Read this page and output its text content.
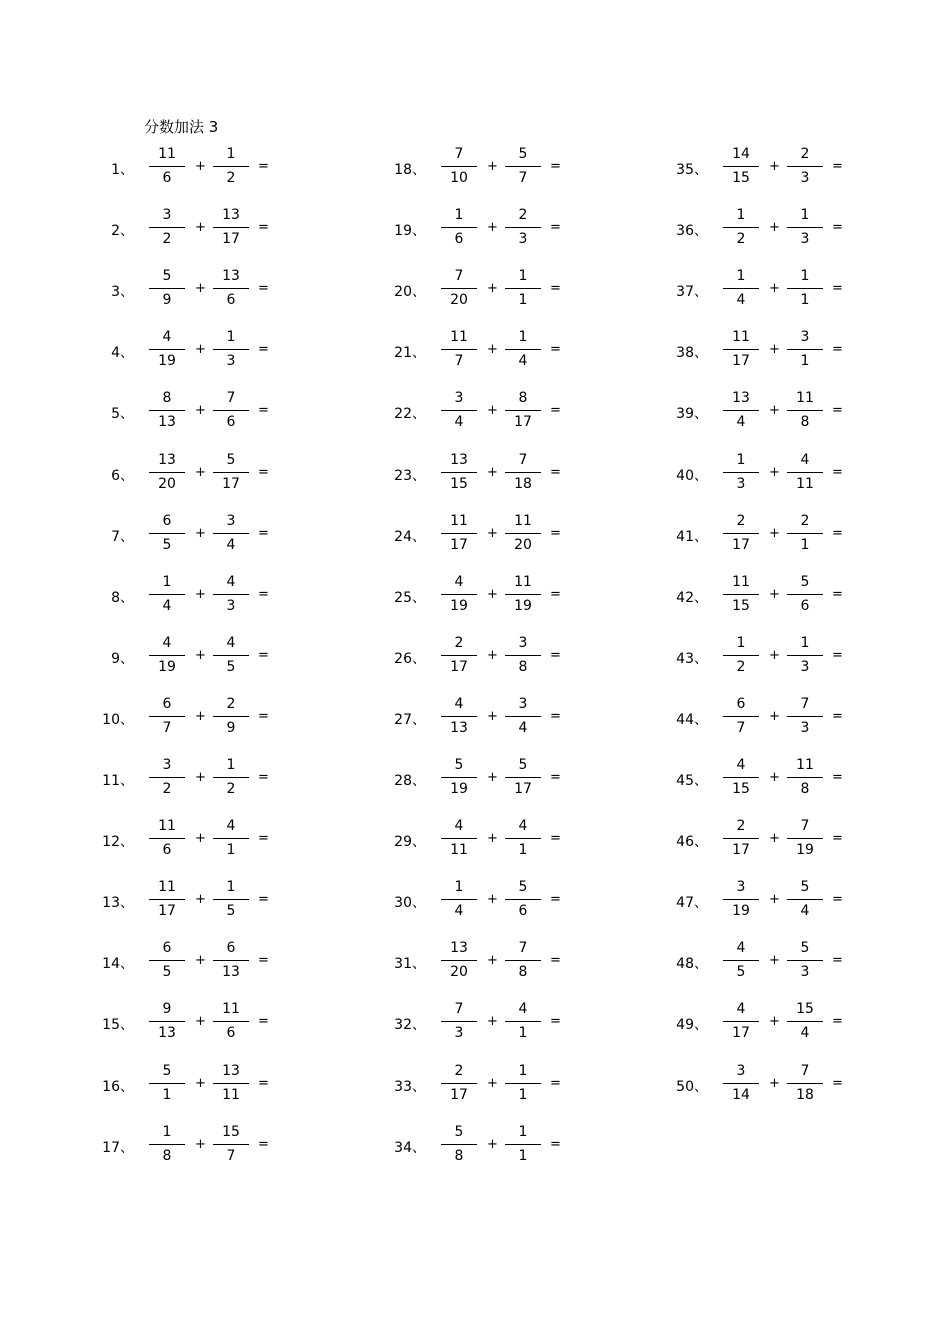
分数加法 3
1、
11
6
+
1
2
=
2、
3
2
+
13
17
=
3、
5
9
+
13
6
=
4、
4
19
+
1
3
=
5、
8
13
+
7
6
=
6、
13
20
+
5
17
=
7、
6
5
+
3
4
=
8、
1
4
+
4
3
=
9、
4
19
+
4
5
=
10、
6
7
+
2
9
=
11、
3
2
+
1
2
=
12、
11
6
+
4
1
=
13、
11
17
+
1
5
=
14、
6
5
+
6
13
=
15、
9
13
+
11
6
=
16、
5
1
+
13
11
=
17、
1
8
+
15
7
=
18、
7
10
+
5
7
=
19、
1
6
+
2
3
=
20、
7
20
+
1
1
=
21、
11
7
+
1
4
=
22、
3
4
+
8
17
=
23、
13
15
+
7
18
=
24、
11
17
+
11
20
=
25、
4
19
+
11
19
=
26、
2
17
+
3
8
=
27、
4
13
+
3
4
=
28、
5
19
+
5
17
=
29、
4
11
+
4
1
=
30、
1
4
+
5
6
=
31、
13
20
+
7
8
=
32、
7
3
+
4
1
=
33、
2
17
+
1
1
=
34、
5
8
+
1
1
=
35、
14
15
+
2
3
=
36、
1
2
+
1
3
=
37、
1
4
+
1
1
=
38、
11
17
+
3
1
=
39、
13
4
+
11
8
=
40、
1
3
+
4
11
=
41、
2
17
+
2
1
=
42、
11
15
+
5
6
=
43、
1
2
+
1
3
=
44、
6
7
+
7
3
=
45、
4
15
+
11
8
=
46、
2
17
+
7
19
=
47、
3
19
+
5
4
=
48、
4
5
+
5
3
=
49、
4
17
+
15
4
=
50、
3
14
+
7
18
=
